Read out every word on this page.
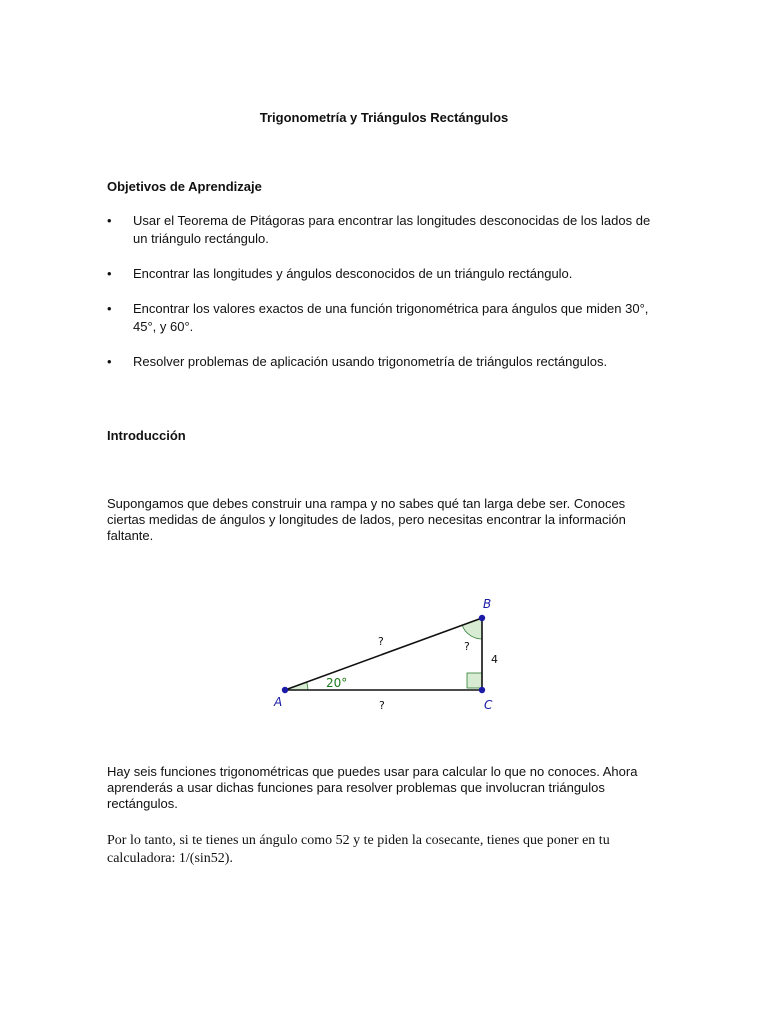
Trigonometría y Triángulos Rectángulos
Objetivos de Aprendizaje
•	Usar el Teorema de Pitágoras para encontrar las longitudes desconocidas de los lados de un triángulo rectángulo.
•	Encontrar las longitudes y ángulos desconocidos de un triángulo rectángulo.
•	Encontrar los valores exactos de una función trigonométrica para ángulos que miden 30°, 45°, y 60°.
•	Resolver problemas de aplicación usando trigonometría de triángulos rectángulos.
Introducción

Supongamos que debes construir una rampa y no sabes qué tan larga debe ser. Conoces ciertas medidas de ángulos y longitudes de lados, pero necesitas encontrar la información faltante.

A
B
C
20°
?
?
?
4

Hay seis funciones trigonométricas que puedes usar para calcular lo que no conoces. Ahora aprenderás a usar dichas funciones para resolver problemas que involucran triángulos rectángulos.

Por lo tanto, si te tienes un ángulo como 52 y te piden la cosecante, tienes que poner en tu calculadora: 1/(sin52).
